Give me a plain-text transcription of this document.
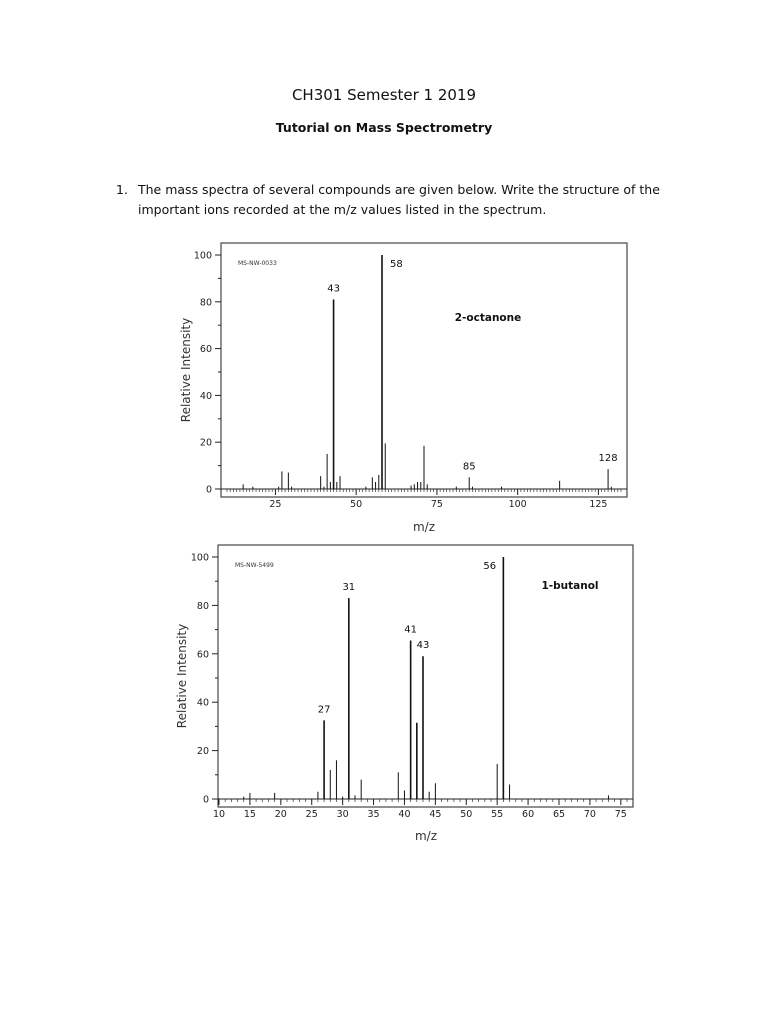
CH301 Semester 1 2019
Tutorial on Mass Spectrometry
1. The mass spectra of several compounds are given below. Write the structure of the important ions recorded at the m/z values listed in the spectrum.
0
20
40
60
80
100
25	50	75	100	125
43
58
85
128
MS-NW-0033
2-octanone
Relative Intensity
m/z
0
20
40
60
80
100
10 15 20 25 30 35 40 45 50 55 60 65 70 75
27
31
41
43
56
MS-NW-5499
1-butanol
Relative Intensity
m/z
